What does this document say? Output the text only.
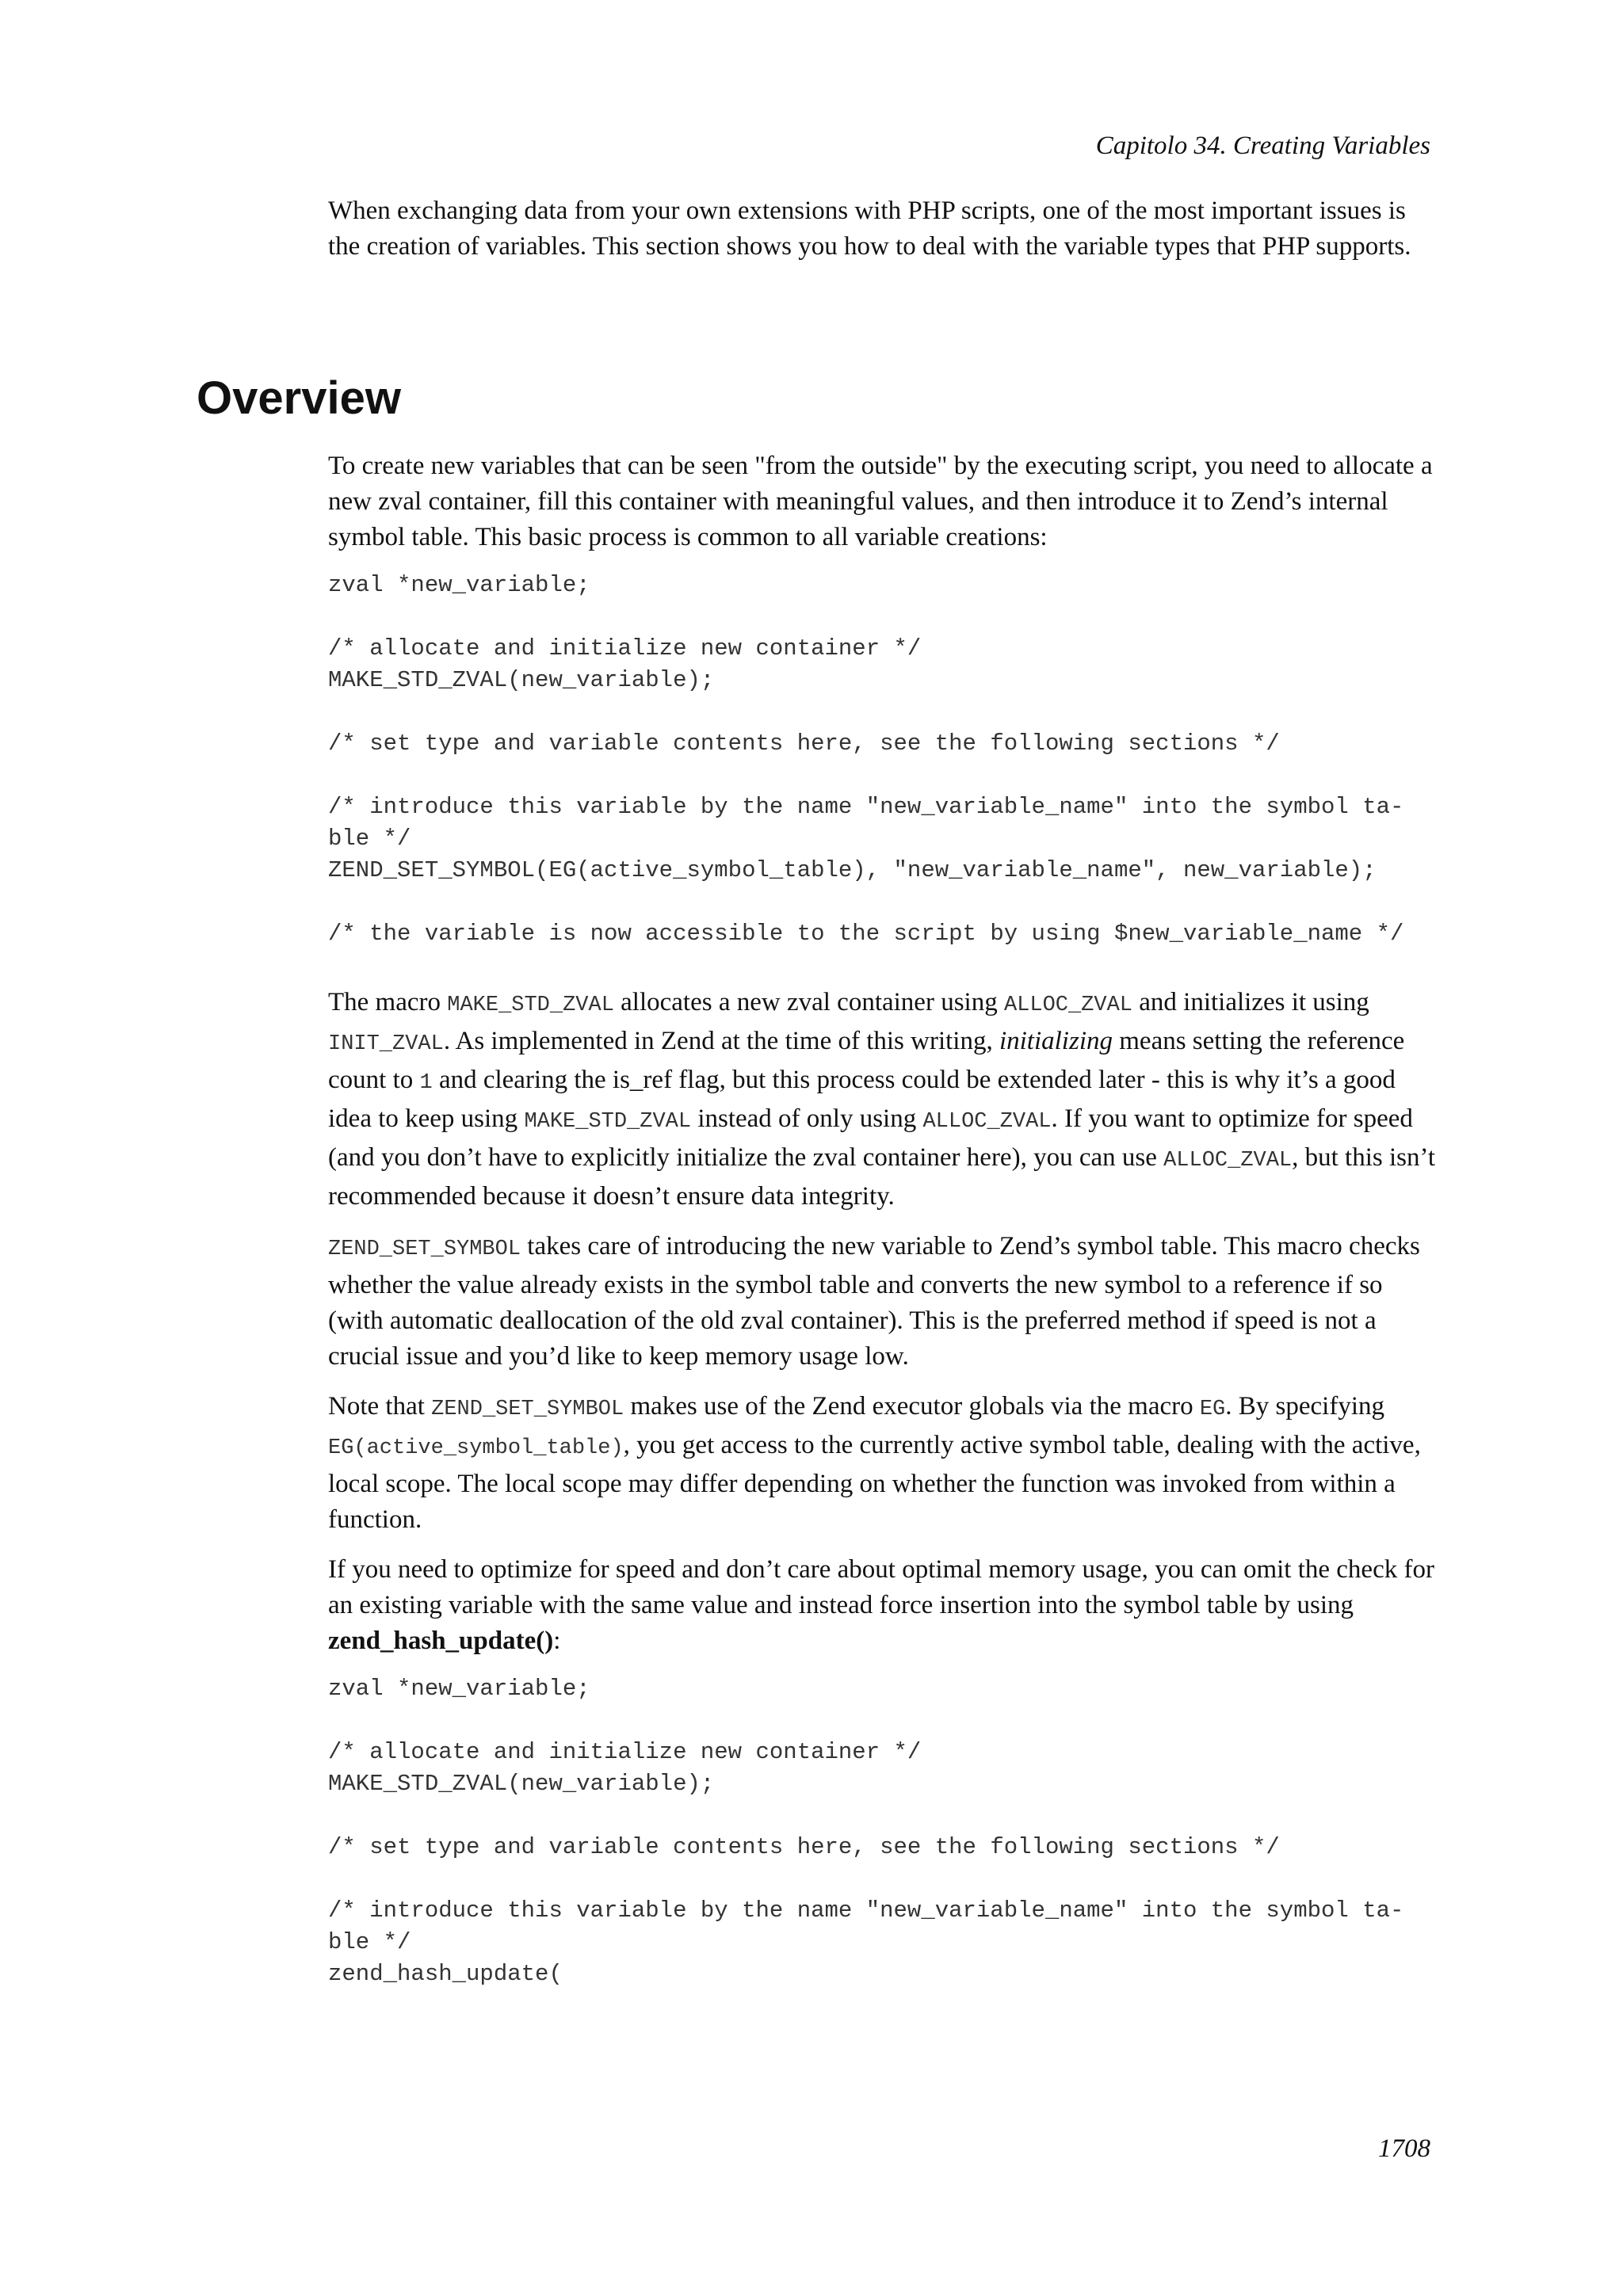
Capitolo 34. Creating Variables

When exchanging data from your own extensions with PHP scripts, one of the most important issues is the creation of variables. This section shows you how to deal with the variable types that PHP supports.

Overview

To create new variables that can be seen "from the outside" by the executing script, you need to allocate a new zval container, fill this container with meaningful values, and then introduce it to Zend’s internal symbol table. This basic process is common to all variable creations:

zval *new_variable;

/* allocate and initialize new container */
MAKE_STD_ZVAL(new_variable);

/* set type and variable contents here, see the following sections */

/* introduce this variable by the name "new_variable_name" into the symbol ta-
ble */
ZEND_SET_SYMBOL(EG(active_symbol_table), "new_variable_name", new_variable);

/* the variable is now accessible to the script by using $new_variable_name */

The macro MAKE_STD_ZVAL allocates a new zval container using ALLOC_ZVAL and initializes it using INIT_ZVAL. As implemented in Zend at the time of this writing, initializing means setting the reference count to 1 and clearing the is_ref flag, but this process could be extended later - this is why it’s a good idea to keep using MAKE_STD_ZVAL instead of only using ALLOC_ZVAL. If you want to optimize for speed (and you don’t have to explicitly initialize the zval container here), you can use ALLOC_ZVAL, but this isn’t recommended because it doesn’t ensure data integrity.

ZEND_SET_SYMBOL takes care of introducing the new variable to Zend’s symbol table. This macro checks whether the value already exists in the symbol table and converts the new symbol to a reference if so (with automatic deallocation of the old zval container). This is the preferred method if speed is not a crucial issue and you’d like to keep memory usage low.

Note that ZEND_SET_SYMBOL makes use of the Zend executor globals via the macro EG. By specifying EG(active_symbol_table), you get access to the currently active symbol table, dealing with the active, local scope. The local scope may differ depending on whether the function was invoked from within a function.

If you need to optimize for speed and don’t care about optimal memory usage, you can omit the check for an existing variable with the same value and instead force insertion into the symbol table by using zend_hash_update():

zval *new_variable;

/* allocate and initialize new container */
MAKE_STD_ZVAL(new_variable);

/* set type and variable contents here, see the following sections */

/* introduce this variable by the name "new_variable_name" into the symbol ta-
ble */
zend_hash_update(
1708
